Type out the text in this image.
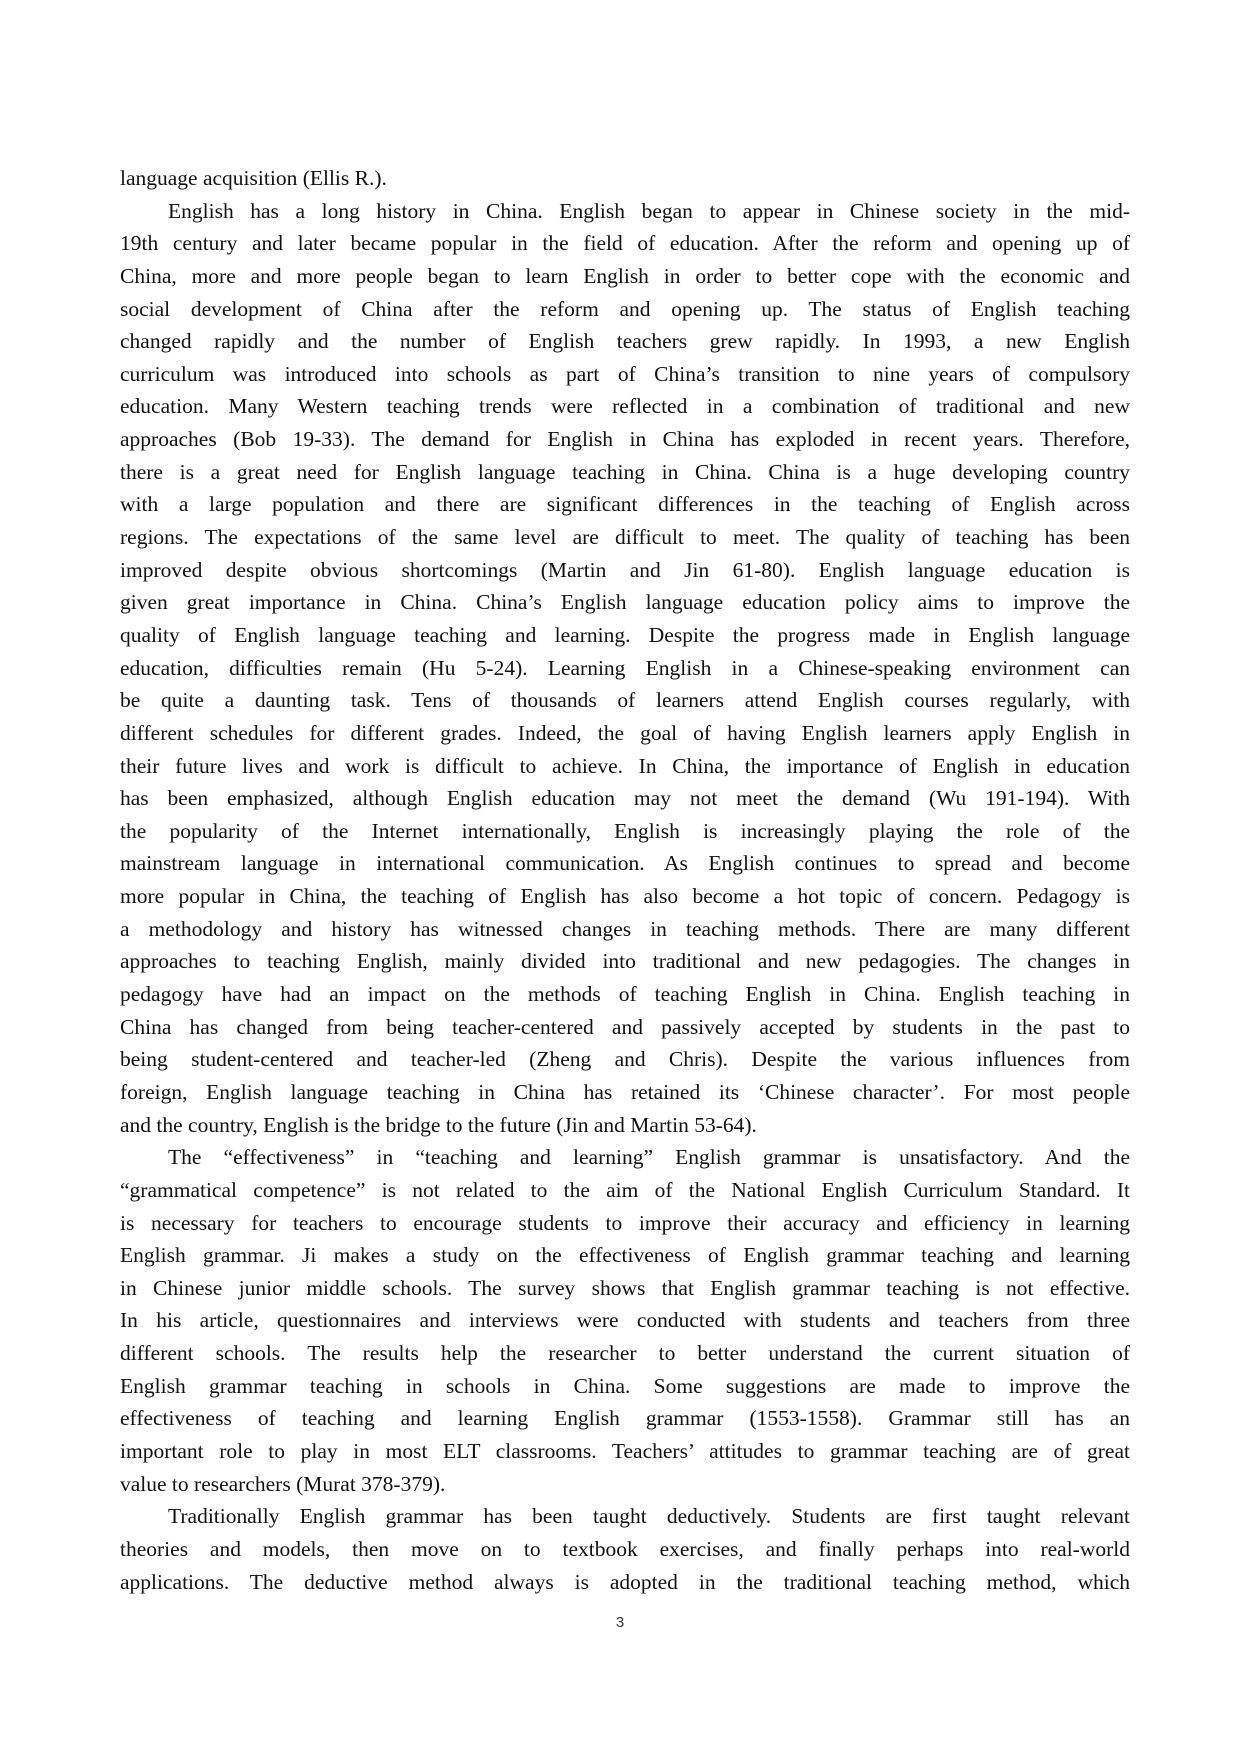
language acquisition (Ellis R.).
English has a long history in China. English began to appear in Chinese society in the mid-
19th century and later became popular in the field of education. After the reform and opening up of
China, more and more people began to learn English in order to better cope with the economic and
social development of China after the reform and opening up. The status of English teaching
changed rapidly and the number of English teachers grew rapidly. In 1993, a new English
curriculum was introduced into schools as part of China’s transition to nine years of compulsory
education. Many Western teaching trends were reflected in a combination of traditional and new
approaches (Bob 19-33). The demand for English in China has exploded in recent years. Therefore,
there is a great need for English language teaching in China. China is a huge developing country
with a large population and there are significant differences in the teaching of English across
regions. The expectations of the same level are difficult to meet. The quality of teaching has been
improved despite obvious shortcomings (Martin and Jin 61-80). English language education is
given great importance in China. China’s English language education policy aims to improve the
quality of English language teaching and learning. Despite the progress made in English language
education, difficulties remain (Hu 5-24). Learning English in a Chinese-speaking environment can
be quite a daunting task. Tens of thousands of learners attend English courses regularly, with
different schedules for different grades. Indeed, the goal of having English learners apply English in
their future lives and work is difficult to achieve. In China, the importance of English in education
has been emphasized, although English education may not meet the demand (Wu 191-194). With
the popularity of the Internet internationally, English is increasingly playing the role of the
mainstream language in international communication. As English continues to spread and become
more popular in China, the teaching of English has also become a hot topic of concern. Pedagogy is
a methodology and history has witnessed changes in teaching methods. There are many different
approaches to teaching English, mainly divided into traditional and new pedagogies. The changes in
pedagogy have had an impact on the methods of teaching English in China. English teaching in
China has changed from being teacher-centered and passively accepted by students in the past to
being student-centered and teacher-led (Zheng and Chris). Despite the various influences from
foreign, English language teaching in China has retained its ‘Chinese character’. For most people
and the country, English is the bridge to the future (Jin and Martin 53-64).
The “effectiveness” in “teaching and learning” English grammar is unsatisfactory. And the
“grammatical competence” is not related to the aim of the National English Curriculum Standard. It
is necessary for teachers to encourage students to improve their accuracy and efficiency in learning
English grammar. Ji makes a study on the effectiveness of English grammar teaching and learning
in Chinese junior middle schools. The survey shows that English grammar teaching is not effective.
In his article, questionnaires and interviews were conducted with students and teachers from three
different schools. The results help the researcher to better understand the current situation of
English grammar teaching in schools in China. Some suggestions are made to improve the
effectiveness of teaching and learning English grammar (1553-1558). Grammar still has an
important role to play in most ELT classrooms. Teachers’ attitudes to grammar teaching are of great
value to researchers (Murat 378-379).
Traditionally English grammar has been taught deductively. Students are first taught relevant
theories and models, then move on to textbook exercises, and finally perhaps into real-world
applications. The deductive method always is adopted in the traditional teaching method, which
3
